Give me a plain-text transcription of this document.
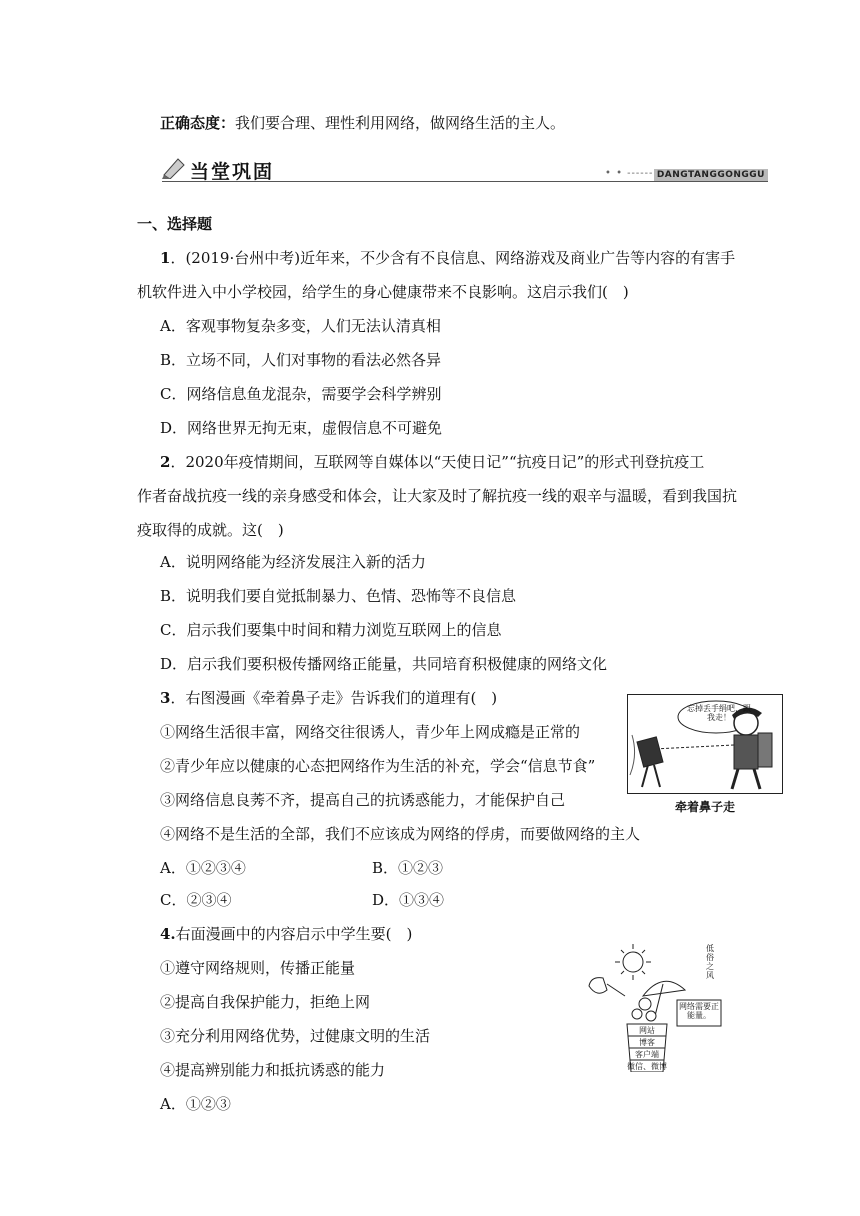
正确态度：我们要合理、理性利用网络，做网络生活的主人。
当堂巩固	• • ------ DANGTANGGONGGU
一、选择题
1．(2019·台州中考)近年来，不少含有不良信息、网络游戏及商业广告等内容的有害手
机软件进入中小学校园，给学生的身心健康带来不良影响。这启示我们(　)
A．客观事物复杂多变，人们无法认清真相
B．立场不同，人们对事物的看法必然各异
C．网络信息鱼龙混杂，需要学会科学辨别
D．网络世界无拘无束，虚假信息不可避免
2．2020年疫情期间，互联网等自媒体以“天使日记”“抗疫日记”的形式刊登抗疫工
作者奋战抗疫一线的亲身感受和体会，让大家及时了解抗疫一线的艰辛与温暖，看到我国抗
疫取得的成就。这(　)
A．说明网络能为经济发展注入新的活力
B．说明我们要自觉抵制暴力、色情、恐怖等不良信息
C．启示我们要集中时间和精力浏览互联网上的信息
D．启示我们要积极传播网络正能量，共同培育积极健康的网络文化
3．右图漫画《牵着鼻子走》告诉我们的道理有(　)
①网络生活很丰富，网络交往很诱人，青少年上网成瘾是正常的
②青少年应以健康的心态把网络作为生活的补充，学会“信息节食”
③网络信息良莠不齐，提高自己的抗诱惑能力，才能保护自己
④网络不是生活的全部，我们不应该成为网络的俘虏，而要做网络的主人
A．①②③④	B．①②③
C．②③④	D．①③④
忘掉丢手绢吧，跟我走！
牵着鼻子走
4.右面漫画中的内容启示中学生要(　)
①遵守网络规则，传播正能量
②提高自我保护能力，拒绝上网
③充分利用网络优势，过健康文明的生活
④提高辨别能力和抵抗诱惑的能力
A．①②③
低俗之风
网络需要正能量。
网站
博客
客户端
微信、微博
